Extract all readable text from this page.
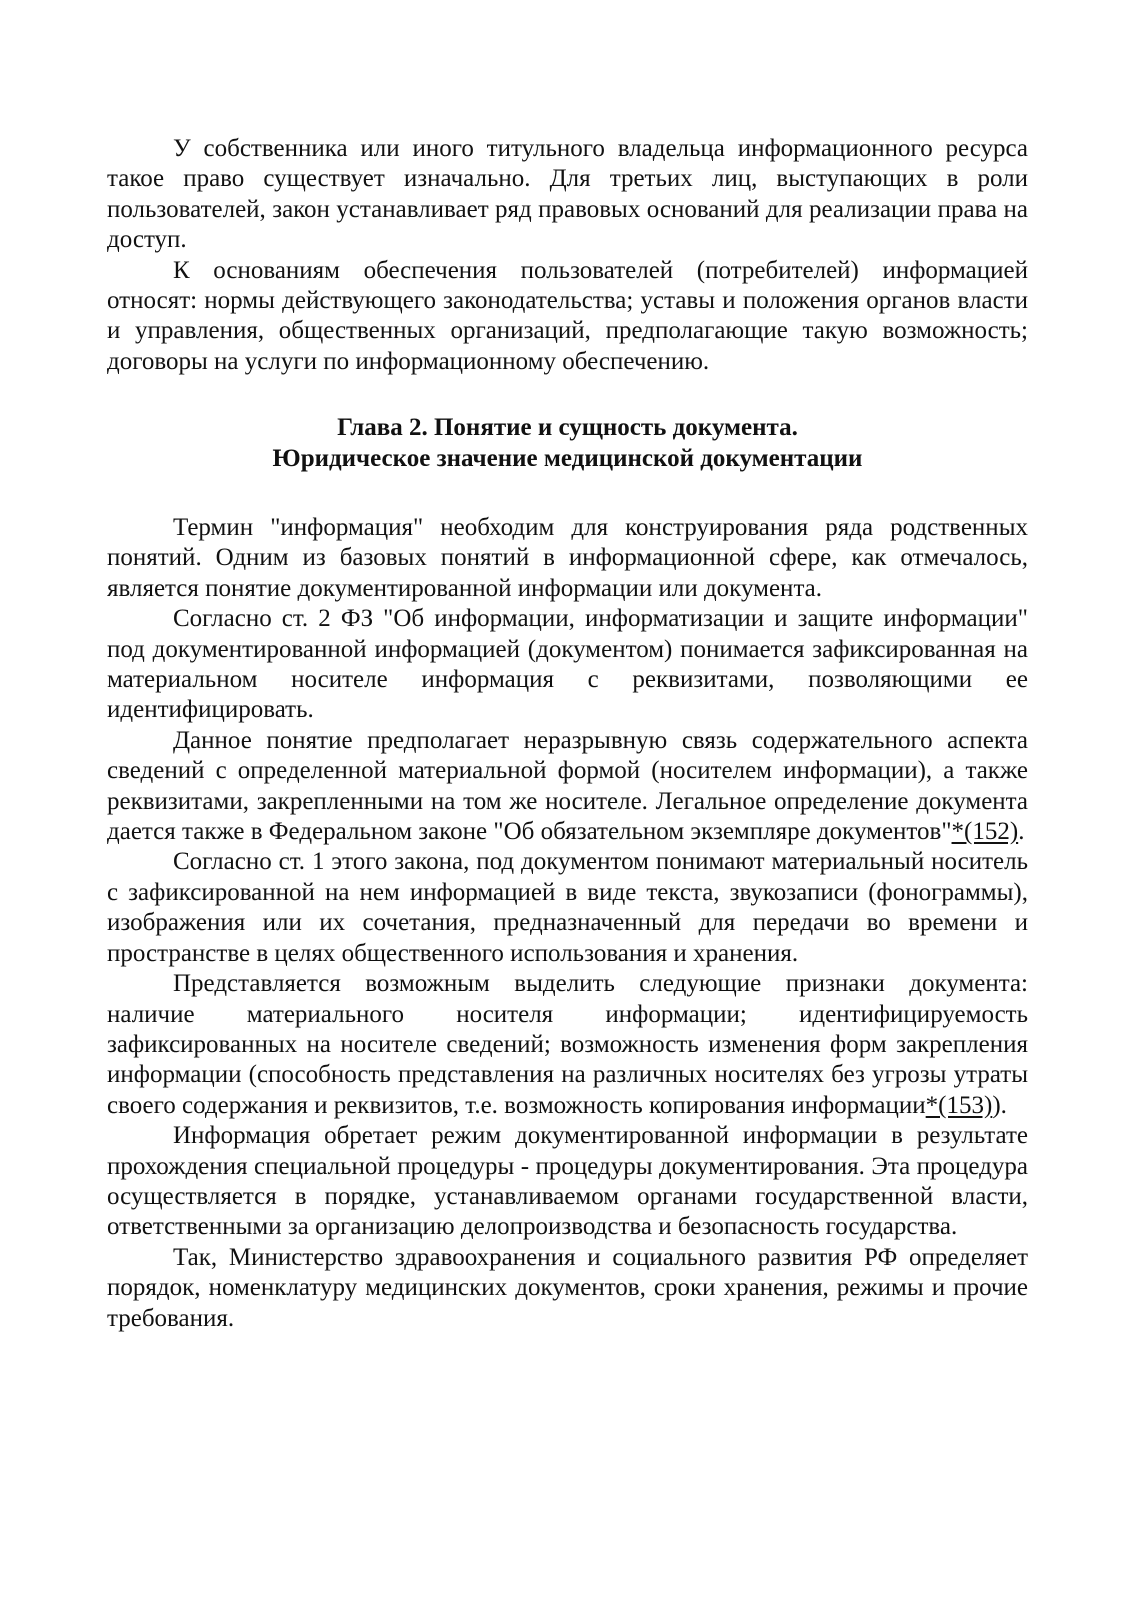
У собственника или иного титульного владельца информационного ресурса такое право существует изначально. Для третьих лиц, выступающих в роли пользователей, закон устанавливает ряд правовых оснований для реализации права на доступ.

К основаниям обеспечения пользователей (потребителей) информацией относят: нормы действующего законодательства; уставы и положения органов власти и управления, общественных организаций, предполагающие такую возможность; договоры на услуги по информационному обеспечению.

Глава 2. Понятие и сущность документа.
Юридическое значение медицинской документации

Термин "информация" необходим для конструирования ряда родственных понятий. Одним из базовых понятий в информационной сфере, как отмечалось, является понятие документированной информации или документа.

Согласно ст. 2 ФЗ "Об информации, информатизации и защите информации" под документированной информацией (документом) понимается зафиксированная на материальном носителе информация с реквизитами, позволяющими ее идентифицировать.

Данное понятие предполагает неразрывную связь содержательного аспекта сведений с определенной материальной формой (носителем информации), а также реквизитами, закрепленными на том же носителе. Легальное определение документа дается также в Федеральном законе "Об обязательном экземпляре документов"*(152).

Согласно ст. 1 этого закона, под документом понимают материальный носитель с зафиксированной на нем информацией в виде текста, звукозаписи (фонограммы), изображения или их сочетания, предназначенный для передачи во времени и пространстве в целях общественного использования и хранения.

Представляется возможным выделить следующие признаки документа: наличие материального носителя информации; идентифицируемость зафиксированных на носителе сведений; возможность изменения форм закрепления информации (способность представления на различных носителях без угрозы утраты своего содержания и реквизитов, т.е. возможность копирования информации*(153)).

Информация обретает режим документированной информации в результате прохождения специальной процедуры - процедуры документирования. Эта процедура осуществляется в порядке, устанавливаемом органами государственной власти, ответственными за организацию делопроизводства и безопасность государства.

Так, Министерство здравоохранения и социального развития РФ определяет порядок, номенклатуру медицинских документов, сроки хранения, режимы и прочие требования.
